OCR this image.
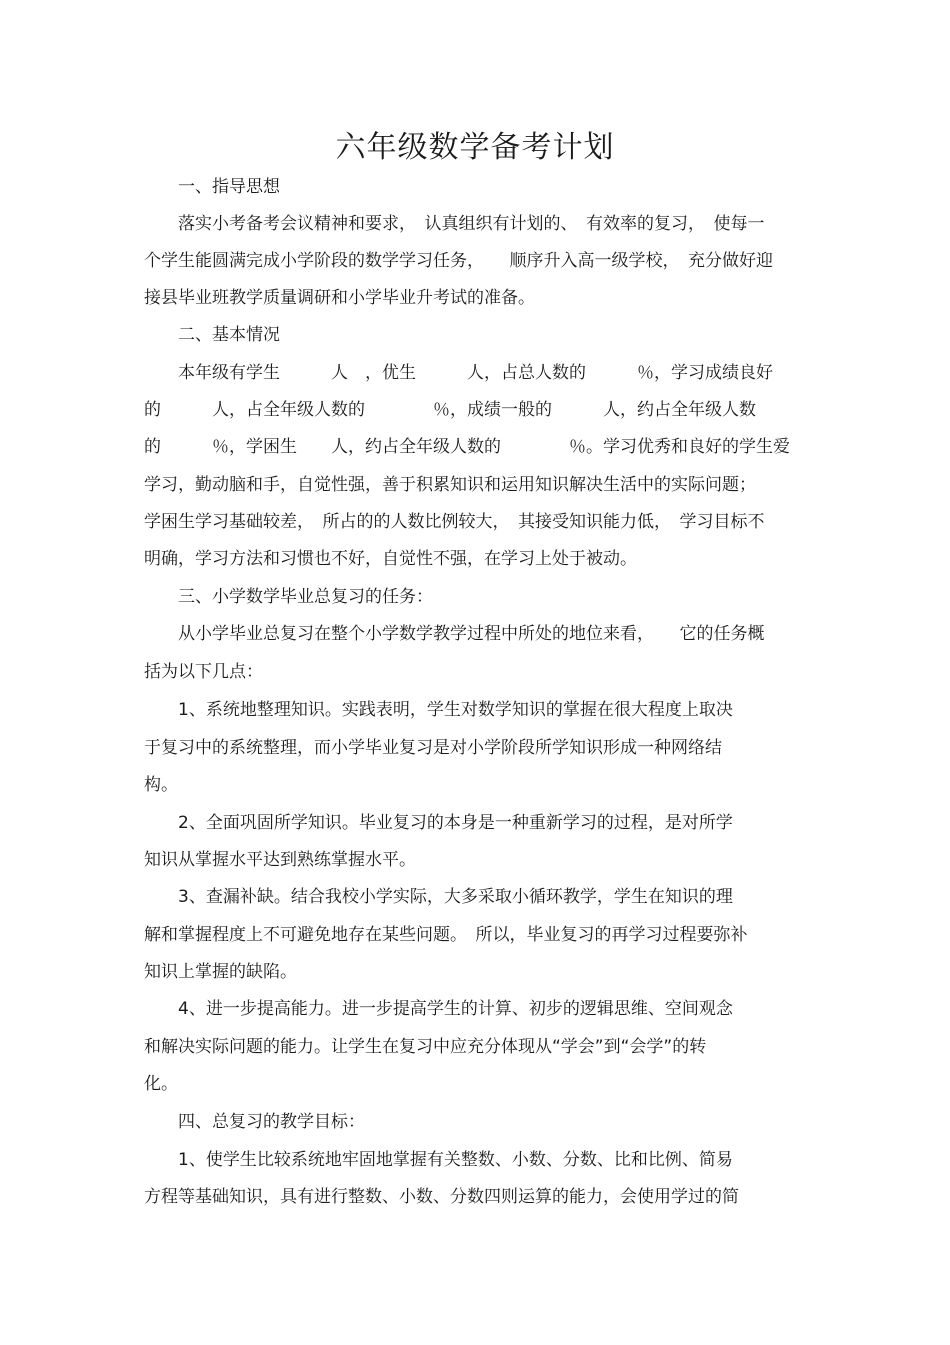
六年级数学备考计划
　　一、指导思想
　　落实小考备考会议精神和要求，　认真组织有计划的、　有效率的复习，　使每一
个学生能圆满完成小学阶段的数学学习任务，　　顺序升入高一级学校，　充分做好迎
接县毕业班教学质量调研和小学毕业升考试的准备。
　　二、基本情况
　　本年级有学生　　　人　，优生　　　人，占总人数的　　　％，学习成绩良好
的　　　人，占全年级人数的　　　　％，成绩一般的　　　人，约占全年级人数
的　　　％，学困生　　人，约占全年级人数的　　　　％。学习优秀和良好的学生爱
学习，勤动脑和手，自觉性强，善于积累知识和运用知识解决生活中的实际问题；
学困生学习基础较差，　所占的的人数比例较大，　其接受知识能力低，　学习目标不
明确，学习方法和习惯也不好，自觉性不强，在学习上处于被动。
　　三、小学数学毕业总复习的任务：
　　从小学毕业总复习在整个小学数学教学过程中所处的地位来看，　　它的任务概
括为以下几点：
　　1、系统地整理知识。实践表明，学生对数学知识的掌握在很大程度上取决
于复习中的系统整理，而小学毕业复习是对小学阶段所学知识形成一种网络结
构。
　　2、全面巩固所学知识。毕业复习的本身是一种重新学习的过程，是对所学
知识从掌握水平达到熟练掌握水平。
　　3、查漏补缺。结合我校小学实际，大多采取小循环教学，学生在知识的理
解和掌握程度上不可避免地存在某些问题。　所以，毕业复习的再学习过程要弥补
知识上掌握的缺陷。
　　4、进一步提高能力。进一步提高学生的计算、初步的逻辑思维、空间观念
和解决实际问题的能力。让学生在复习中应充分体现从“学会”到“会学”的转
化。
　　四、总复习的教学目标：
　　1、使学生比较系统地牢固地掌握有关整数、小数、分数、比和比例、简易
方程等基础知识，具有进行整数、小数、分数四则运算的能力，会使用学过的简
